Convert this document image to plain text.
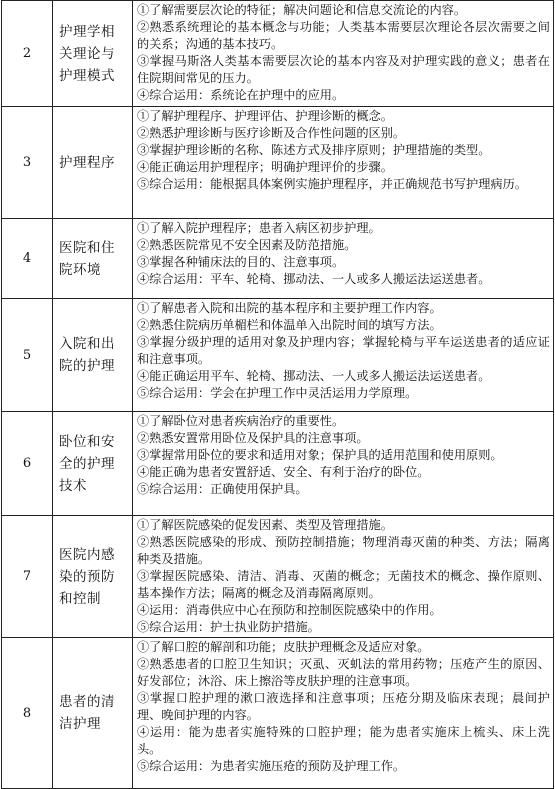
2	护理学相关理论与护理模式	①了解需要层次论的特征；解决问题论和信息交流论的内容。
②熟悉系统理论的基本概念与功能；人类基本需要层次理论各层次需要之间的关系；沟通的基本技巧。
③掌握马斯洛人类基本需要层次论的基本内容及对护理实践的意义；患者在住院期间常见的压力。
④综合运用：系统论在护理中的应用。

3	护理程序	①了解护理程序、护理评估、护理诊断的概念。
②熟悉护理诊断与医疗诊断及合作性问题的区别。
③掌握护理诊断的名称、陈述方式及排序原则；护理措施的类型。
④能正确运用护理程序；明确护理评价的步骤。
⑤综合运用：能根据具体案例实施护理程序，并正确规范书写护理病历。

4	医院和住院环境	①了解入院护理程序；患者入病区初步护理。
②熟悉医院常见不安全因素及防范措施。
③掌握各种铺床法的目的、注意事项。
④综合运用：平车、轮椅、挪动法、一人或多人搬运法运送患者。

5	入院和出院的护理	①了解患者入院和出院的基本程序和主要护理工作内容。
②熟悉住院病历单楣栏和体温单入出院时间的填写方法。
③掌握分级护理的适用对象及护理内容；掌握轮椅与平车运送患者的适应证和注意事项。
④能正确运用平车、轮椅、挪动法、一人或多人搬运法运送患者。
⑤综合运用：学会在护理工作中灵活运用力学原理。

6	卧位和安全的护理技术	①了解卧位对患者疾病治疗的重要性。
②熟悉安置常用卧位及保护具的注意事项。
③掌握常用卧位的要求和适用对象；保护具的适用范围和使用原则。
④能正确为患者安置舒适、安全、有利于治疗的卧位。
⑤综合运用：正确使用保护具。

7	医院内感染的预防和控制	①了解医院感染的促发因素、类型及管理措施。
②熟悉医院感染的形成、预防控制措施；物理消毒灭菌的种类、方法；隔离种类及措施。
③掌握医院感染、清洁、消毒、灭菌的概念；无菌技术的概念、操作原则、基本操作方法；隔离的概念及消毒隔离原则。
④运用：消毒供应中心在预防和控制医院感染中的作用。
⑤综合运用：护士执业防护措施。

8	患者的清洁护理	①了解口腔的解剖和功能；皮肤护理概念及适应对象。
②熟悉患者的口腔卫生知识；灭虱、灭虮法的常用药物；压疮产生的原因、好发部位；沐浴、床上擦浴等皮肤护理的注意事项。
③掌握口腔护理的漱口液选择和注意事项；压疮分期及临床表现；晨间护理、晚间护理的内容。
④运用：能为患者实施特殊的口腔护理；能为患者实施床上梳头、床上洗头。
⑤综合运用：为患者实施压疮的预防及护理工作。
